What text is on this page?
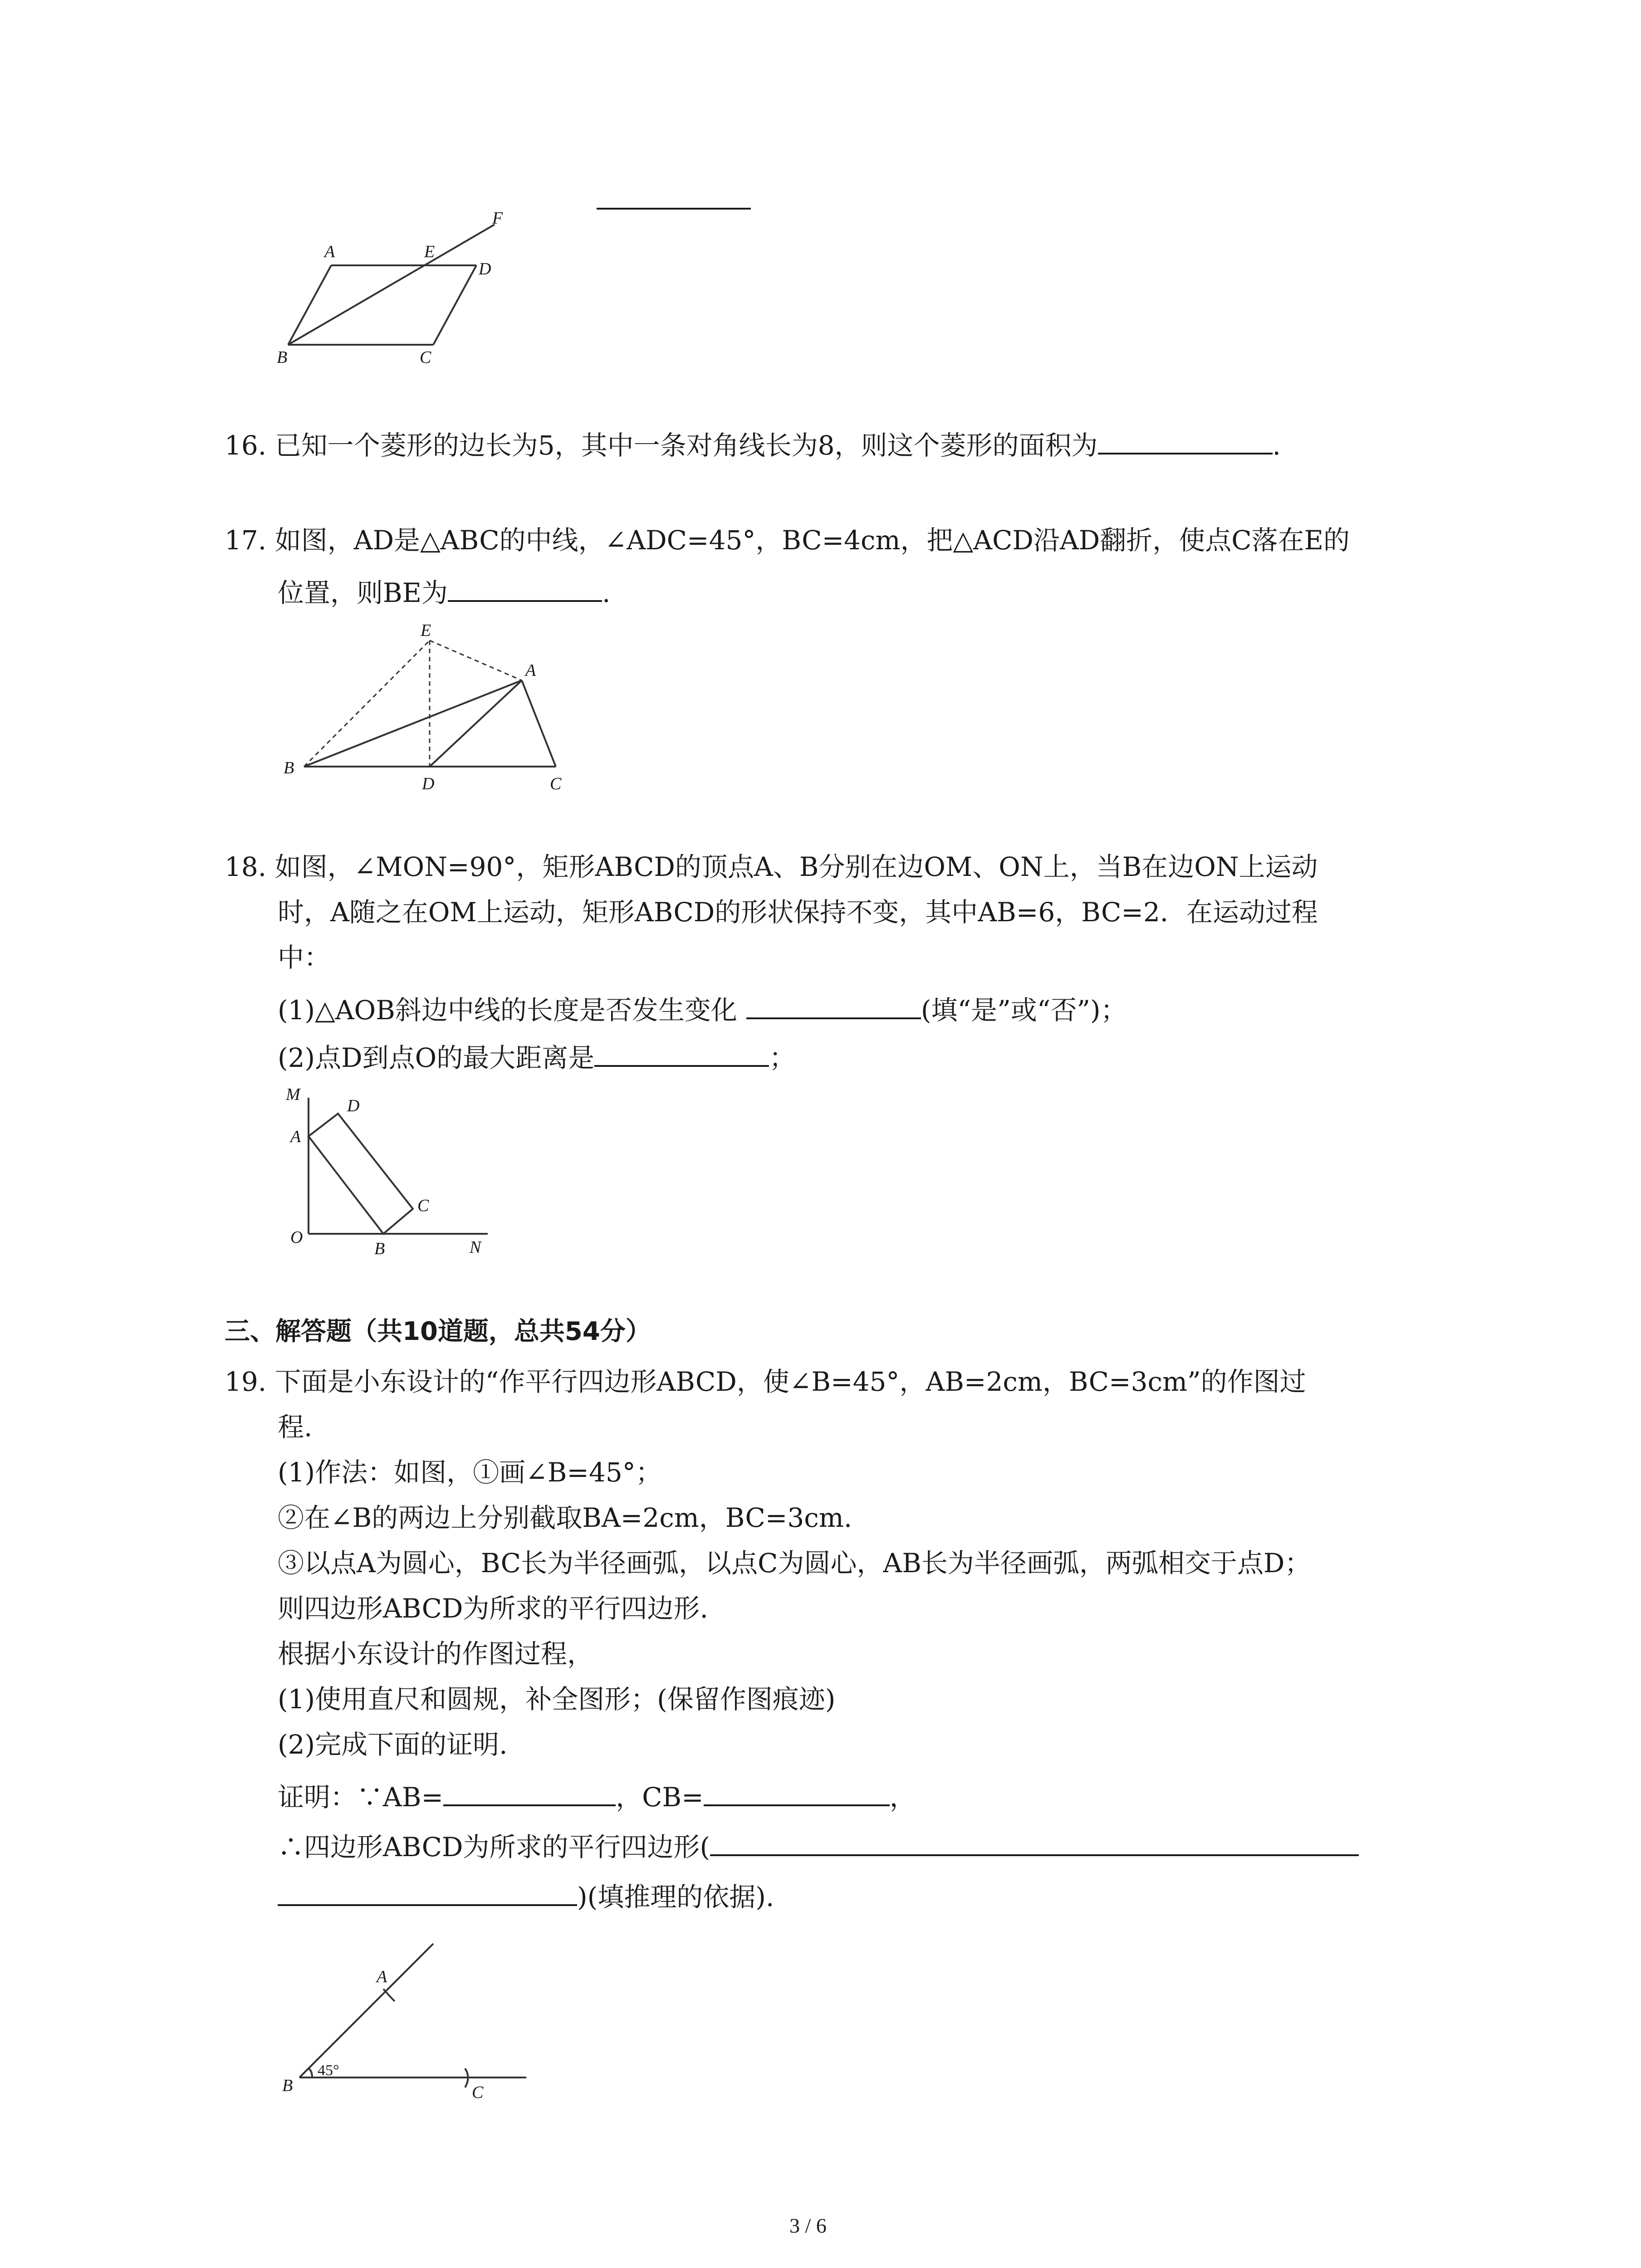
A	E
F
D
B	C
16. 已知一个菱形的边长为5，其中一条对角线长为8，则这个菱形的面积为	.
17. 如图，AD是△ABC的中线，∠ADC=45°，BC=4cm，把△ACD沿AD翻折，使点C落在E的
位置，则BE为	.
E
A
B
D	C
18. 如图，∠MON=90°，矩形ABCD的顶点A、B分别在边OM、ON上，当B在边ON上运动
时，A随之在OM上运动，矩形ABCD的形状保持不变，其中AB=6，BC=2．在运动过程
中：
(1)△AOB斜边中线的长度是否发生变化	(填“是”或“否”)；
(2)点D到点O的最大距离是	；
M
D
A
C
O
B	N
三、解答题（共10道题，总共54分）
19. 下面是小东设计的“作平行四边形ABCD，使∠B=45°，AB=2cm，BC=3cm”的作图过
程.
(1)作法：如图，①画∠B=45°；
②在∠B的两边上分别截取BA=2cm，BC=3cm.
③以点A为圆心，BC长为半径画弧，以点C为圆心，AB长为半径画弧，两弧相交于点D；
则四边形ABCD为所求的平行四边形.
根据小东设计的作图过程，
(1)使用直尺和圆规，补全图形；(保留作图痕迹)
(2)完成下面的证明.
证明：∵AB=	，CB=	，
∴四边形ABCD为所求的平行四边形(
)(填推理的依据).
A
B	C
45°
3 / 6
